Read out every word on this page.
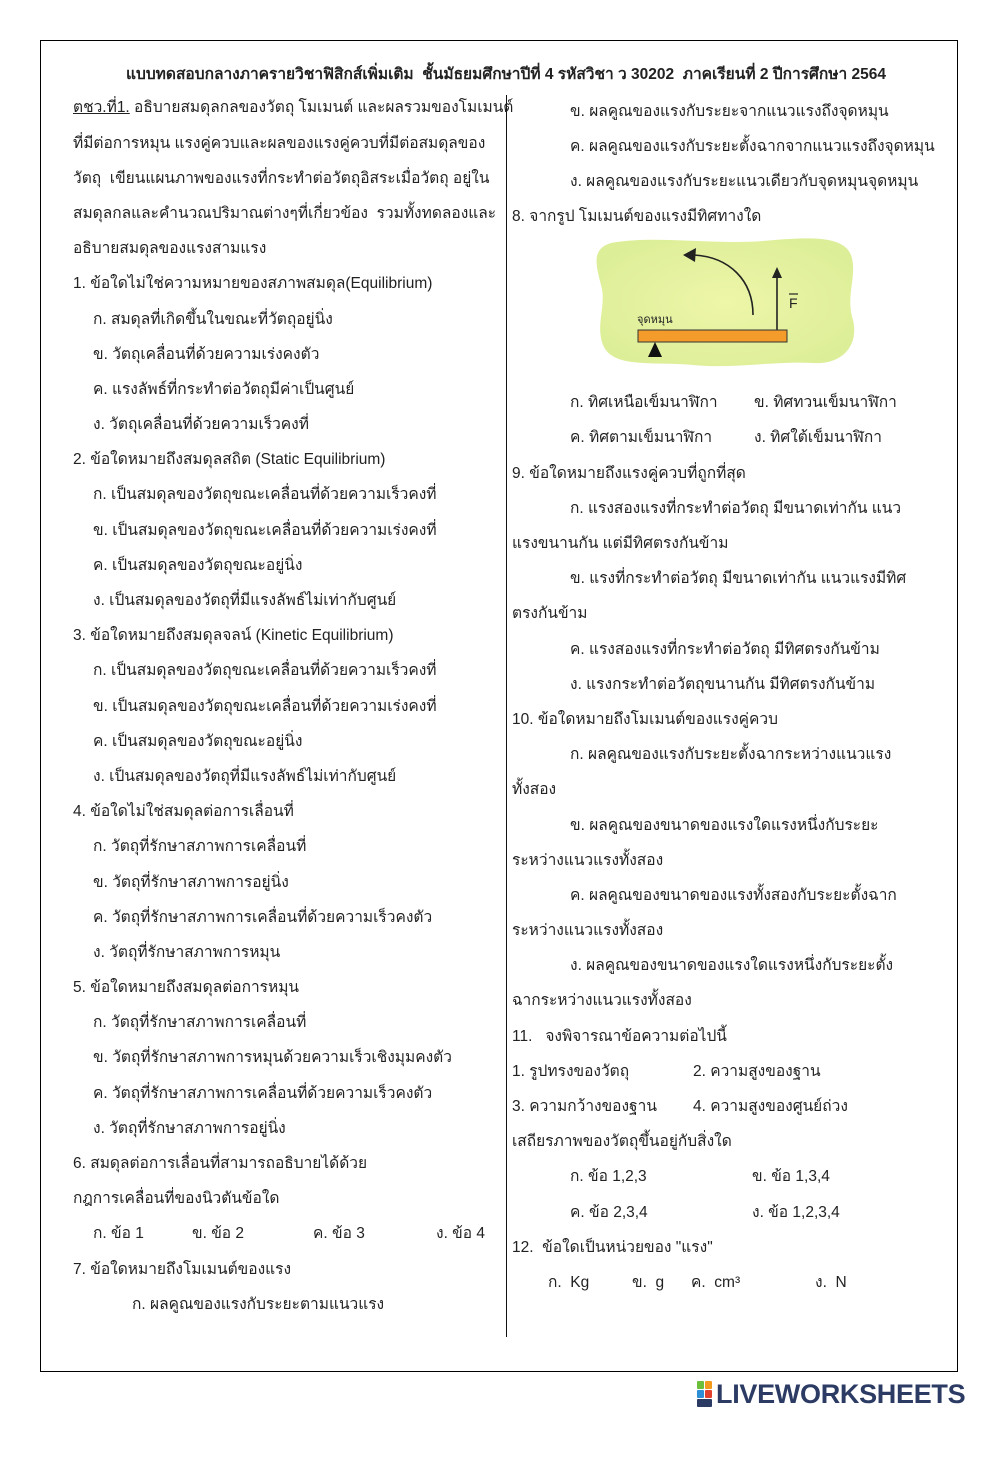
แบบทดสอบกลางภาครายวิชาฟิสิกส์เพิ่มเติม  ชั้นมัธยมศึกษาปีที่ 4 รหัสวิชา ว 30202  ภาคเรียนที่ 2 ปีการศึกษา 2564
ตชว.ที่1. อธิบายสมดุลกลของวัตถุ โมเมนต์ และผลรวมของโมเมนต์
ที่มีต่อการหมุน แรงคู่ควบและผลของแรงคู่ควบที่มีต่อสมดุลของ
วัตถุ  เขียนแผนภาพของแรงที่กระทำต่อวัตถุอิสระเมื่อวัตถุ อยู่ใน
สมดุลกลและคำนวณปริมาณต่างๆที่เกี่ยวข้อง  รวมทั้งทดลองและ
อธิบายสมดุลของแรงสามแรง
1. ข้อใดไม่ใช่ความหมายของสภาพสมดุล(Equilibrium)
ก. สมดุลที่เกิดขึ้นในขณะที่วัตถุอยู่นิ่ง
ข. วัตถุเคลื่อนที่ด้วยความเร่งคงตัว
ค. แรงลัพธ์ที่กระทำต่อวัตถุมีค่าเป็นศูนย์
ง. วัตถุเคลื่อนที่ด้วยความเร็วคงที่
2. ข้อใดหมายถึงสมดุลสถิต (Static Equilibrium)
ก. เป็นสมดุลของวัตถุขณะเคลื่อนที่ด้วยความเร็วคงที่
ข. เป็นสมดุลของวัตถุขณะเคลื่อนที่ด้วยความเร่งคงที่
ค. เป็นสมดุลของวัตถุขณะอยู่นิ่ง
ง. เป็นสมดุลของวัตถุที่มีแรงลัพธ์ไม่เท่ากับศูนย์
3. ข้อใดหมายถึงสมดุลจลน์ (Kinetic Equilibrium)
ก. เป็นสมดุลของวัตถุขณะเคลื่อนที่ด้วยความเร็วคงที่
ข. เป็นสมดุลของวัตถุขณะเคลื่อนที่ด้วยความเร่งคงที่
ค. เป็นสมดุลของวัตถุขณะอยู่นิ่ง
ง. เป็นสมดุลของวัตถุที่มีแรงลัพธ์ไม่เท่ากับศูนย์
4. ข้อใดไม่ใช่สมดุลต่อการเลื่อนที่
ก. วัตถุที่รักษาสภาพการเคลื่อนที่
ข. วัตถุที่รักษาสภาพการอยู่นิ่ง
ค. วัตถุที่รักษาสภาพการเคลื่อนที่ด้วยความเร็วคงตัว
ง. วัตถุที่รักษาสภาพการหมุน
5. ข้อใดหมายถึงสมดุลต่อการหมุน
ก. วัตถุที่รักษาสภาพการเคลื่อนที่
ข. วัตถุที่รักษาสภาพการหมุนด้วยความเร็วเชิงมุมคงตัว
ค. วัตถุที่รักษาสภาพการเคลื่อนที่ด้วยความเร็วคงตัว
ง. วัตถุที่รักษาสภาพการอยู่นิ่ง
6. สมดุลต่อการเลื่อนที่สามารถอธิบายได้ด้วย
กฎการเคลื่อนที่ของนิวตันข้อใด

ก. ข้อ 1

	ข. ข้อ 2

	ค. ข้อ 3

	ง. ข้อ 4

7. ข้อใดหมายถึงโมเมนต์ของแรง
ก. ผลคูณของแรงกับระยะตามแนวแรง
ข. ผลคูณของแรงกับระยะจากแนวแรงถึงจุดหมุน
ค. ผลคูณของแรงกับระยะตั้งฉากจากแนวแรงถึงจุดหมุน
ง. ผลคูณของแรงกับระยะแนวเดียวกับจุดหมุนจุดหมุน
8. จากรูป โมเมนต์ของแรงมีทิศทางใด
F
จุดหมุน

ก. ทิศเหนือเข็มนาฬิกา

ข. ทิศทวนเข็มนาฬิกา

ค. ทิศตามเข็มนาฬิกา

	ง. ทิศใต้เข็มนาฬิกา

9. ข้อใดหมายถึงแรงคู่ควบที่ถูกที่สุด
ก. แรงสองแรงที่กระทำต่อวัตถุ มีขนาดเท่ากัน แนว
แรงขนานกัน แต่มีทิศตรงกันข้าม
ข. แรงที่กระทำต่อวัตถุ มีขนาดเท่ากัน แนวแรงมีทิศ
ตรงกันข้าม
ค. แรงสองแรงที่กระทำต่อวัตถุ มีทิศตรงกันข้าม
ง. แรงกระทำต่อวัตถุขนานกัน มีทิศตรงกันข้าม
10. ข้อใดหมายถึงโมเมนต์ของแรงคู่ควบ
ก. ผลคูณของแรงกับระยะตั้งฉากระหว่างแนวแรง
ทั้งสอง
ข. ผลคูณของขนาดของแรงใดแรงหนึ่งกับระยะ
ระหว่างแนวแรงทั้งสอง
ค. ผลคูณของขนาดของแรงทั้งสองกับระยะตั้งฉาก
ระหว่างแนวแรงทั้งสอง
ง. ผลคูณของขนาดของแรงใดแรงหนึ่งกับระยะตั้ง
ฉากระหว่างแนวแรงทั้งสอง
11.   จงพิจารณาข้อความต่อไปนี้

1. รูปทรงของวัตถุ

	2. ความสูงของฐาน

3. ความกว้างของฐาน

4. ความสูงของศูนย์ถ่วง

เสถียรภาพของวัตถุขึ้นอยู่กับสิ่งใด

ก. ข้อ 1,2,3

	ข. ข้อ 1,3,4

ค. ข้อ 2,3,4

	ง. ข้อ 1,2,3,4

12.  ข้อใดเป็นหน่วยของ "แรง"

ก.  Kg

	ข.  g

ค.  cm³

	ง.  N

LIVEWORKSHEETS
